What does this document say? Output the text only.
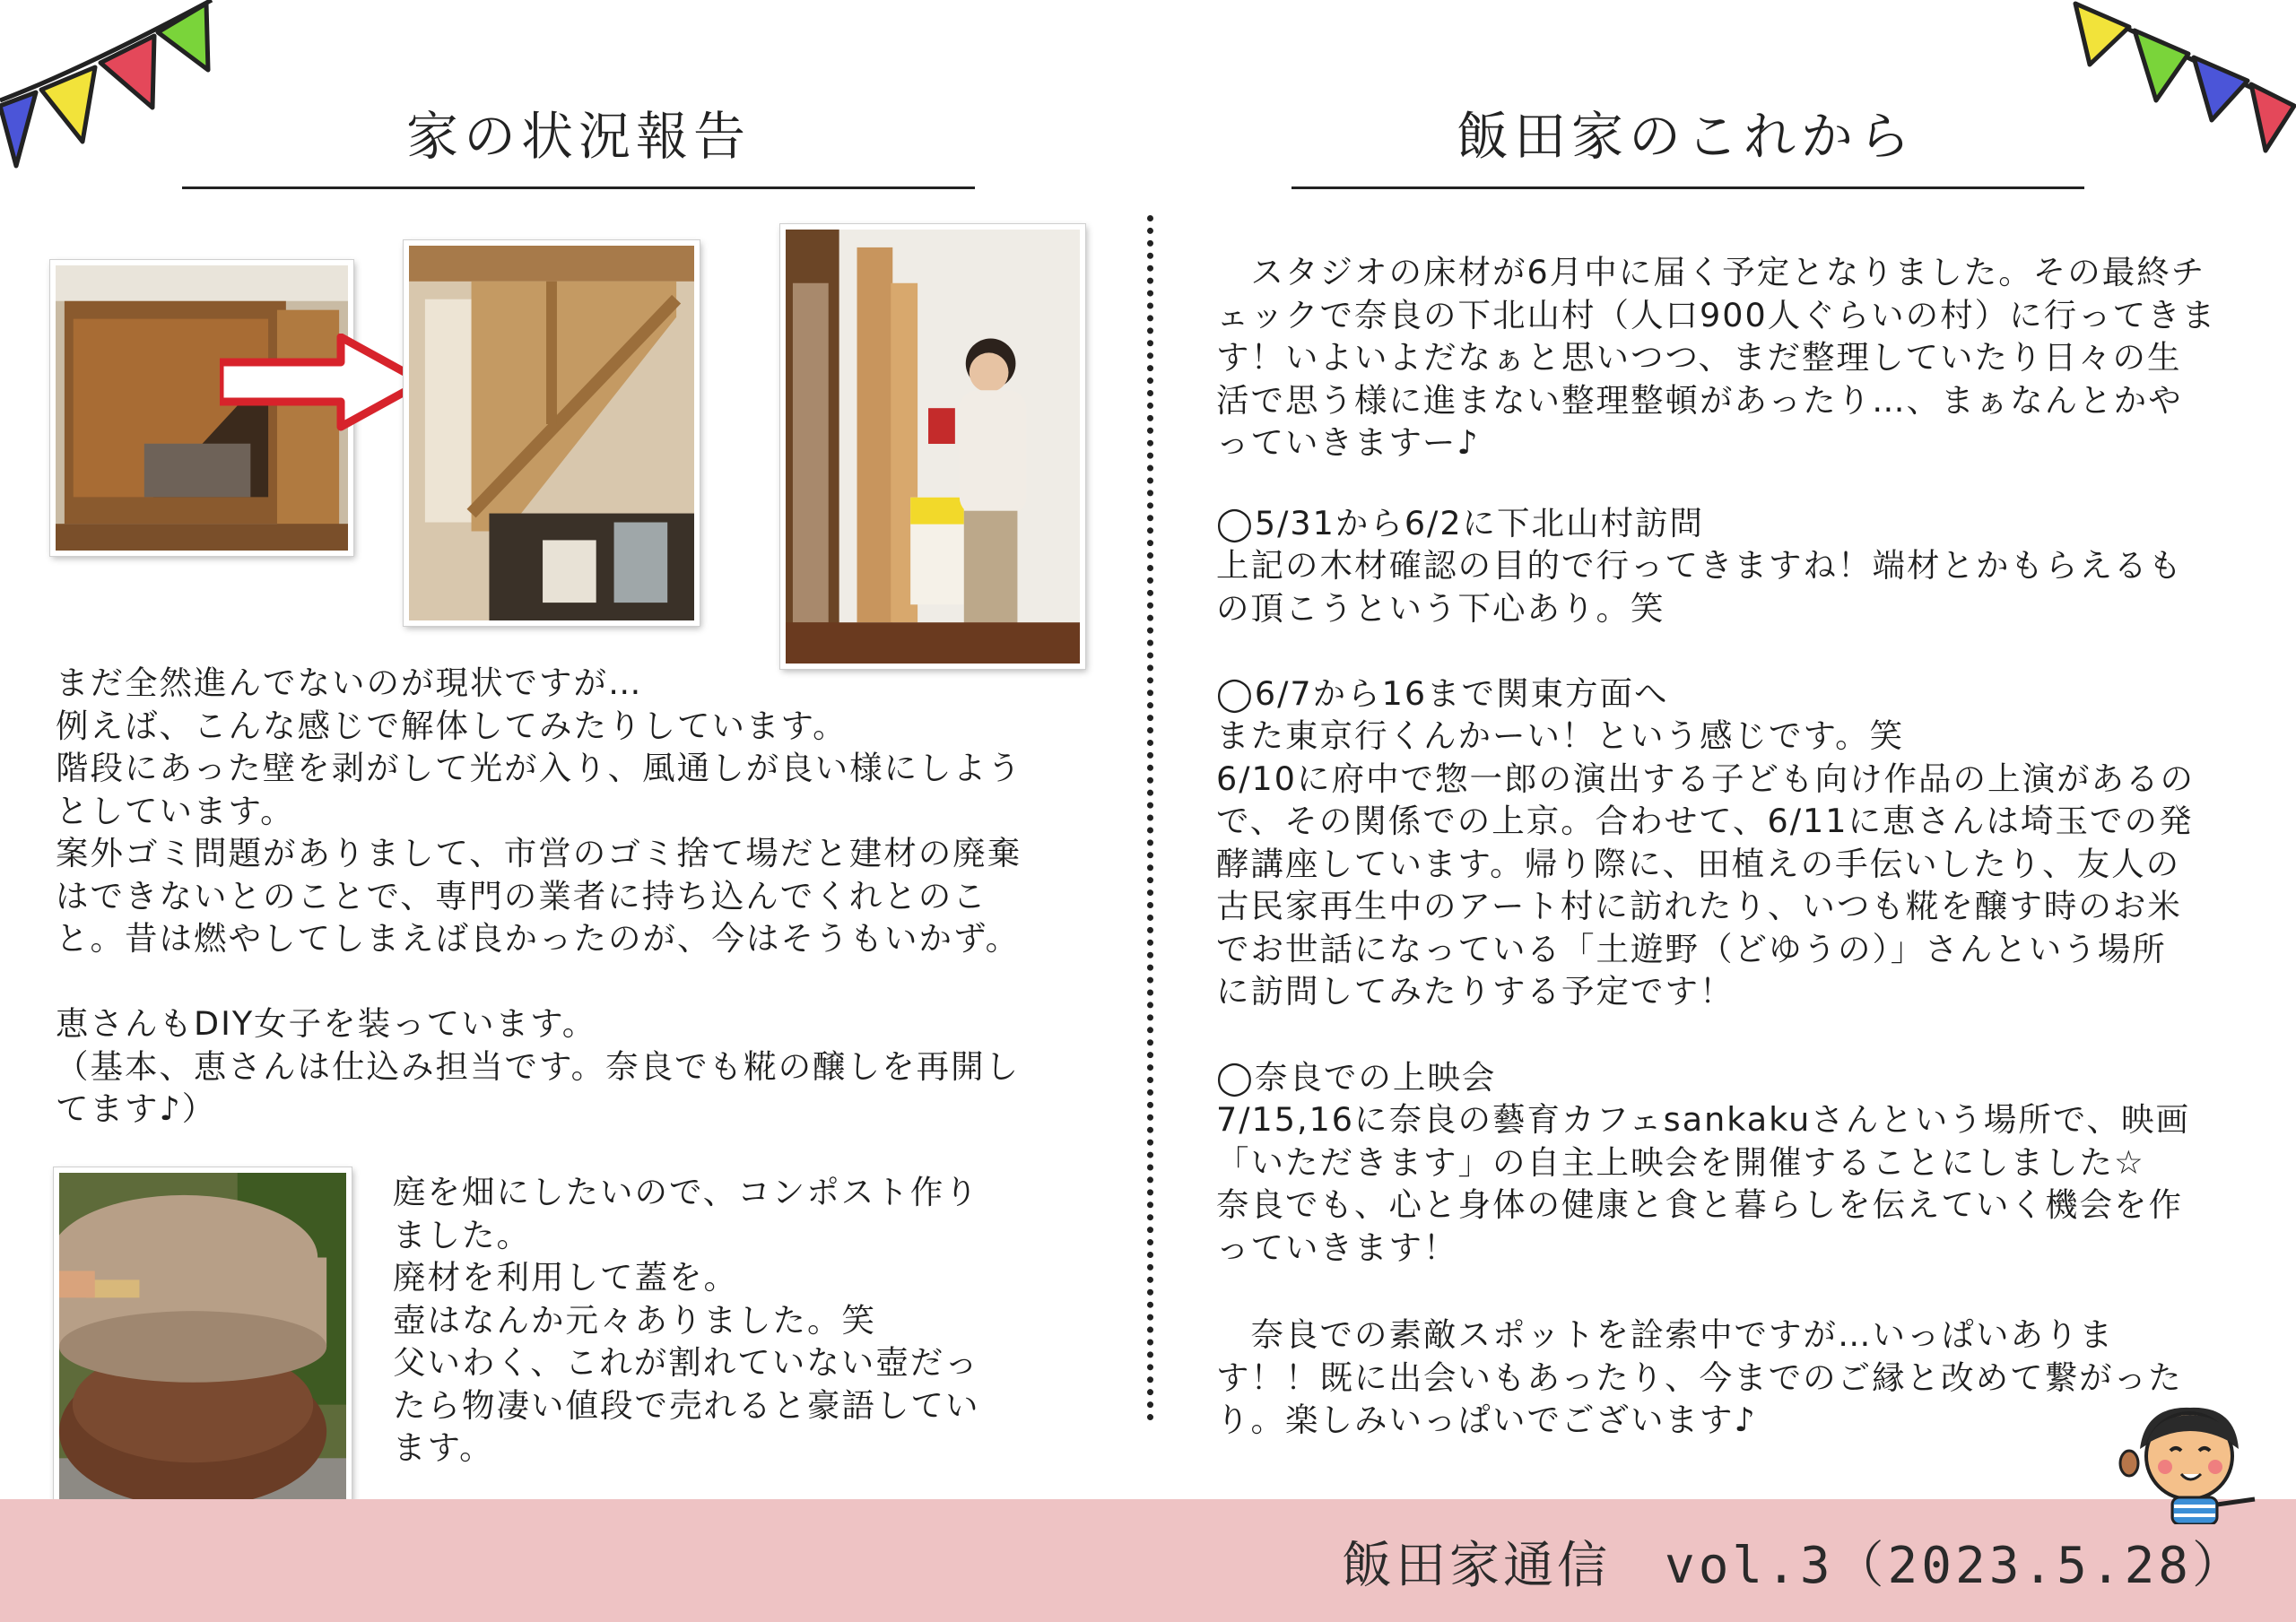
家の状況報告	飯田家のこれから
まだ全然進んでないのが現状ですが…
例えば、こんな感じで解体してみたりしています。
階段にあった壁を剥がして光が入り、風通しが良い様にしよう
としています。
案外ゴミ問題がありまして、市営のゴミ捨て場だと建材の廃棄
はできないとのことで、専門の業者に持ち込んでくれとのこ
と。昔は燃やしてしまえば良かったのが、今はそうもいかず。

恵さんもDIY女子を装っています。
（基本、恵さんは仕込み担当です。奈良でも糀の醸しを再開し
てます♪）
庭を畑にしたいので、コンポスト作り
ました。
廃材を利用して蓋を。
壺はなんか元々ありました。笑
父いわく、これが割れていない壺だっ
たら物凄い値段で売れると豪語してい
ます。
　スタジオの床材が6月中に届く予定となりました。その最終チ
ェックで奈良の下北山村（人口900人ぐらいの村）に行ってきま
す！いよいよだなぁと思いつつ、まだ整理していたり日々の生
活で思う様に進まない整理整頓があったり…、まぁなんとかや
っていきますー♪
◯5/31から6/2に下北山村訪問
上記の木材確認の目的で行ってきますね！端材とかもらえるも
の頂こうという下心あり。笑
◯6/7から16まで関東方面へ
また東京行くんかーい！という感じです。笑
6/10に府中で惣一郎の演出する子ども向け作品の上演があるの
で、その関係での上京。合わせて、6/11に恵さんは埼玉での発
酵講座しています。帰り際に、田植えの手伝いしたり、友人の
古民家再生中のアート村に訪れたり、いつも糀を醸す時のお米
でお世話になっている「土遊野（どゆうの）」さんという場所
に訪問してみたりする予定です！
◯奈良での上映会
7/15,16に奈良の藝育カフェsankakuさんという場所で、映画
「いただきます」の自主上映会を開催することにしました☆
奈良でも、心と身体の健康と食と暮らしを伝えていく機会を作
っていきます！
　奈良での素敵スポットを詮索中ですが…いっぱいありま
す！！既に出会いもあったり、今までのご縁と改めて繋がった
り。楽しみいっぱいでございます♪
飯田家通信　vol.3（2023.5.28）
